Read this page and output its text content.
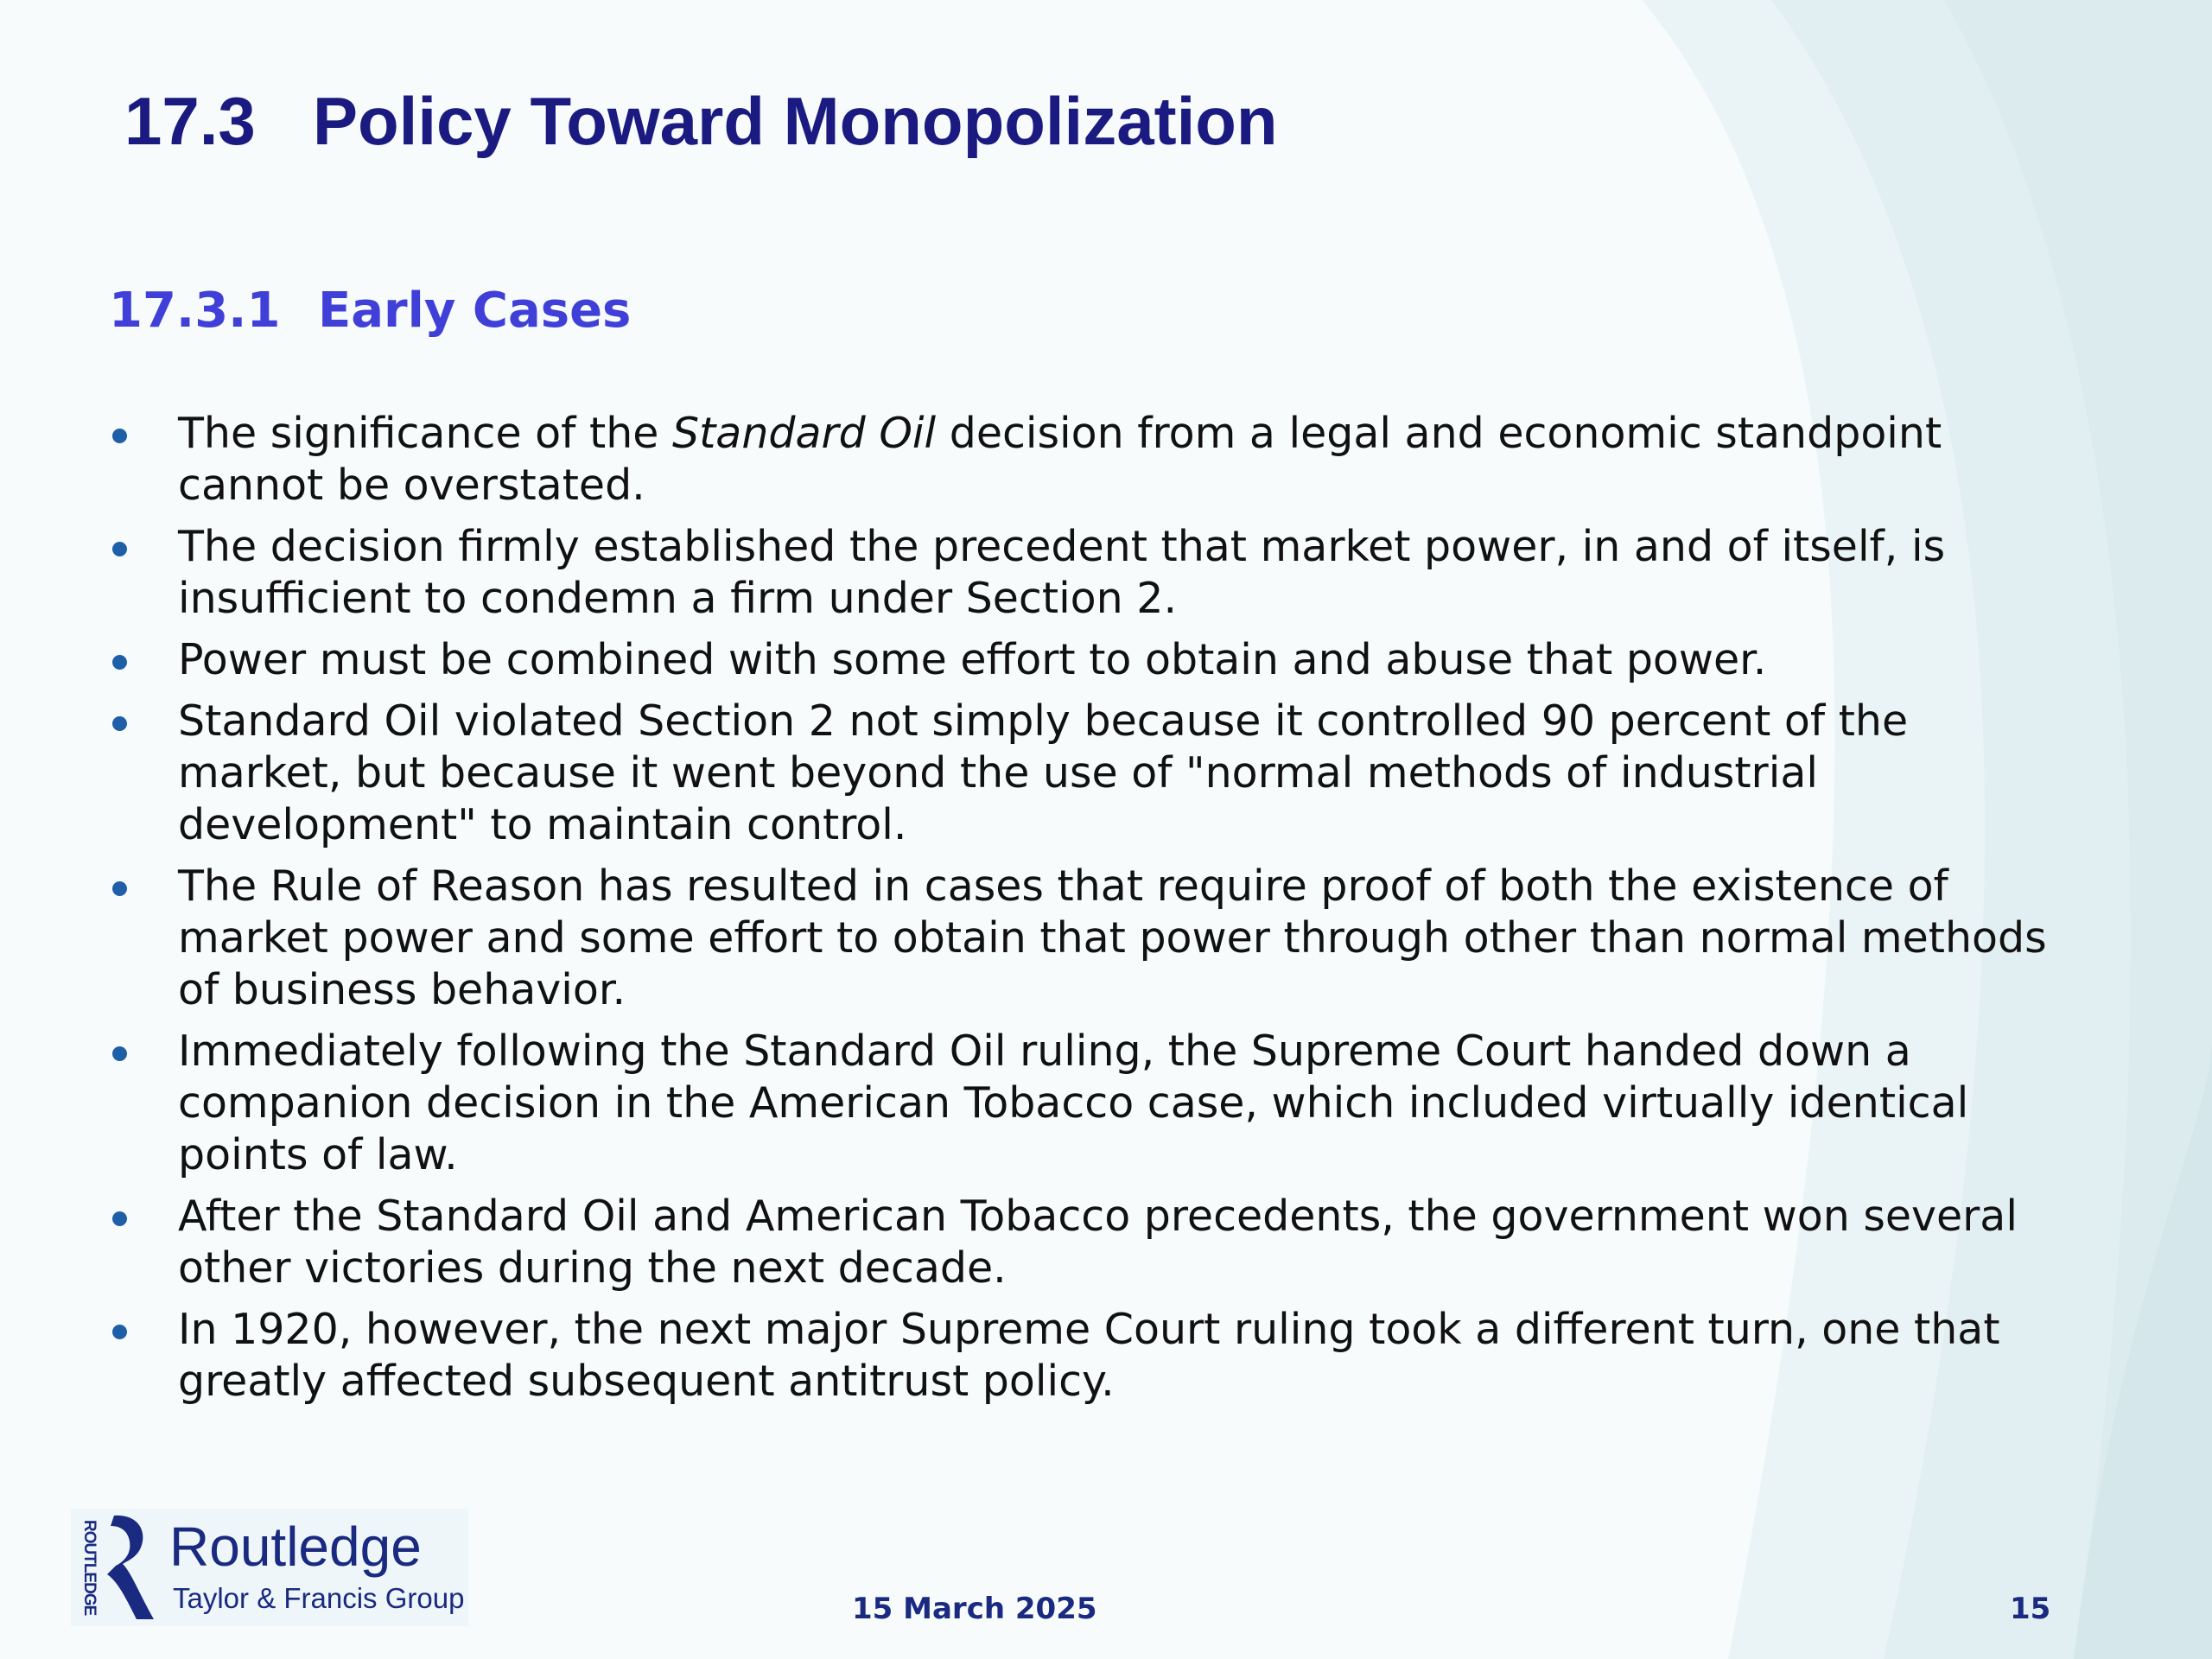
17.3 Policy Toward Monopolization
17.3.1 Early Cases
The significance of the Standard Oil decision from a legal and economic standpoint cannot be overstated.
The decision firmly established the precedent that market power, in and of itself, is insufficient to condemn a firm under Section 2.
Power must be combined with some effort to obtain and abuse that power.
Standard Oil violated Section 2 not simply because it controlled 90 percent of the market, but because it went beyond the use of "normal methods of industrial development" to maintain control.
The Rule of Reason has resulted in cases that require proof of both the existence of market power and some effort to obtain that power through other than normal methods of business behavior.
Immediately following the Standard Oil ruling, the Supreme Court handed down a companion decision in the American Tobacco case, which included virtually identical points of law.
After the Standard Oil and American Tobacco precedents, the government won several other victories during the next decade.
In 1920, however, the next major Supreme Court ruling took a different turn, one that greatly affected subsequent antitrust policy.
ROUTLEDGE Routledge
Taylor & Francis Group	15 March 2025	15
